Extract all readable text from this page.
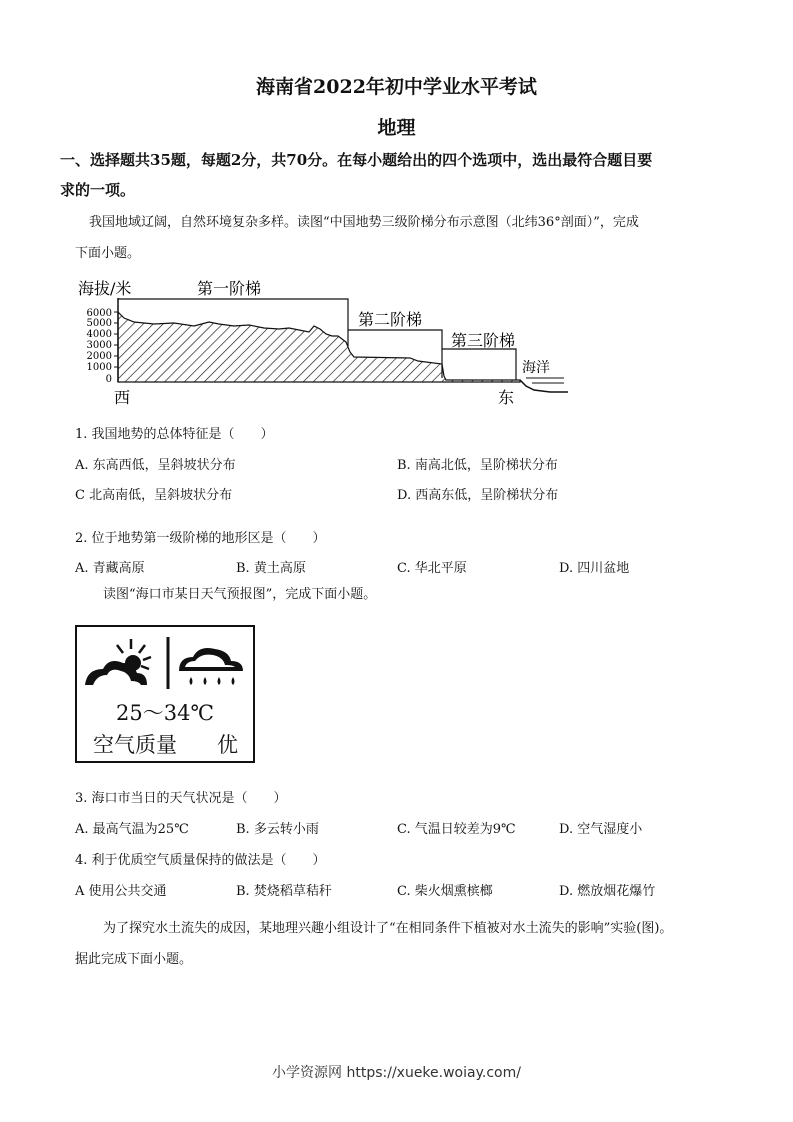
海南省2022年初中学业水平考试
地理
一、选择题共35题，每题2分，共70分。在每小题给出的四个选项中，选出最符合题目要
求的一项。
我国地域辽阔，自然环境复杂多样。读图“中国地势三级阶梯分布示意图（北纬36°剖面）”，完成
下面小题。
海拔/米	第一阶梯
第二阶梯
第三阶梯
海洋
西	东
6000
5000
4000
3000
2000
1000
0
1. 我国地势的总体特征是（　　）
A. 东高西低，呈斜坡状分布	B. 南高北低，呈阶梯状分布
C 北高南低，呈斜坡状分布	D. 西高东低，呈阶梯状分布
2. 位于地势第一级阶梯的地形区是（　　）
A. 青藏高原	B. 黄土高原	C. 华北平原	D. 四川盆地
读图“海口市某日天气预报图”，完成下面小题。
25～34℃
空气质量 优
3. 海口市当日的天气状况是（　　）
A. 最高气温为25℃	B. 多云转小雨	C. 气温日较差为9℃	D. 空气湿度小
4. 利于优质空气质量保持的做法是（　　）
A 使用公共交通	B. 焚烧稻草秸秆	C. 柴火烟熏槟榔	D. 燃放烟花爆竹
为了探究水土流失的成因，某地理兴趣小组设计了“在相同条件下植被对水土流失的影响”实验(图)。
据此完成下面小题。
小学资源网 https://xueke.woiay.com/
